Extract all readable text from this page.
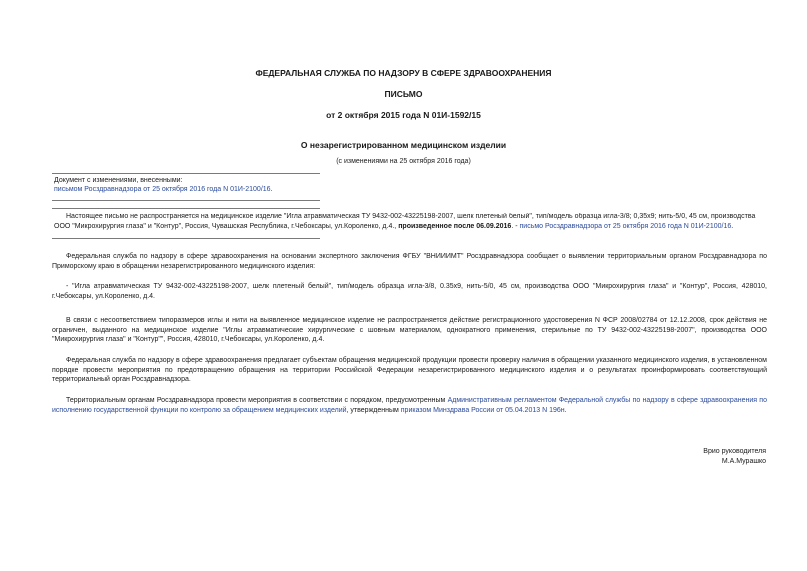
ФЕДЕРАЛЬНАЯ СЛУЖБА ПО НАДЗОРУ В СФЕРЕ ЗДРАВООХРАНЕНИЯ
ПИСЬМО
от 2 октября 2015 года N 01И-1592/15
О незарегистрированном медицинском изделии
(с изменениями на 25 октября 2016 года)
Документ с изменениями, внесенными:
письмом Росздравнадзора от 25 октября 2016 года N 01И-2100/16.
Настоящее письмо не распространяется на медицинское изделие "Игла атравматическая ТУ 9432-002-43225198-2007, шелк плетеный белый", тип/модель образца игла-3/8; 0,35x9; нить-5/0, 45 см, производства
ООО "Микрохирургия глаза" и "Контур", Россия, Чувашская Республика, г.Чебоксары, ул.Короленко, д.4., произведенное после 06.09.2016. - письмо Росздравнадзора от 25 октября 2016 года N 01И-2100/16.
Федеральная служба по надзору в сфере здравоохранения на основании экспертного заключения ФГБУ "ВНИИИМТ" Росздравнадзора сообщает о выявлении территориальным органом Росздравнадзора по Приморскому краю в обращении незарегистрированного медицинского изделия:
- "Игла атравматическая ТУ 9432-002-43225198-2007, шелк плетеный белый", тип/модель образца игла-3/8, 0.35x9, нить-5/0, 45 см, производства ООО "Микрохирургия глаза" и "Контур", Россия, 428010, г.Чебоксары, ул.Короленко, д.4.
В связи с несоответствием типоразмеров иглы и нити на выявленное медицинское изделие не распространяется действие регистрационного удостоверения N ФСР 2008/02784 от 12.12.2008, срок действия не ограничен, выданного на медицинское изделие "Иглы атравматические хирургические с шовным материалом, однократного применения, стерильные по ТУ 9432-002-43225198-2007", производства ООО "Микрохирургия глаза" и "Контур"", Россия, 428010, г.Чебоксары, ул.Короленко, д.4.
Федеральная служба по надзору в сфере здравоохранения предлагает субъектам обращения медицинской продукции провести проверку наличия в обращении указанного медицинского изделия, в установленном порядке провести мероприятия по предотвращению обращения на территории Российской Федерации незарегистрированного медицинского изделия и о результатах проинформировать соответствующий территориальный орган Росздравнадзора.
Территориальным органам Росздравнадзора провести мероприятия в соответствии с порядком, предусмотренным Административным регламентом Федеральной службы по надзору в сфере здравоохранения по исполнению государственной функции по контролю за обращением медицинских изделий, утвержденным приказом Минздрава России от 05.04.2013 N 196н.
Врио руководителя
М.А.Мурашко
